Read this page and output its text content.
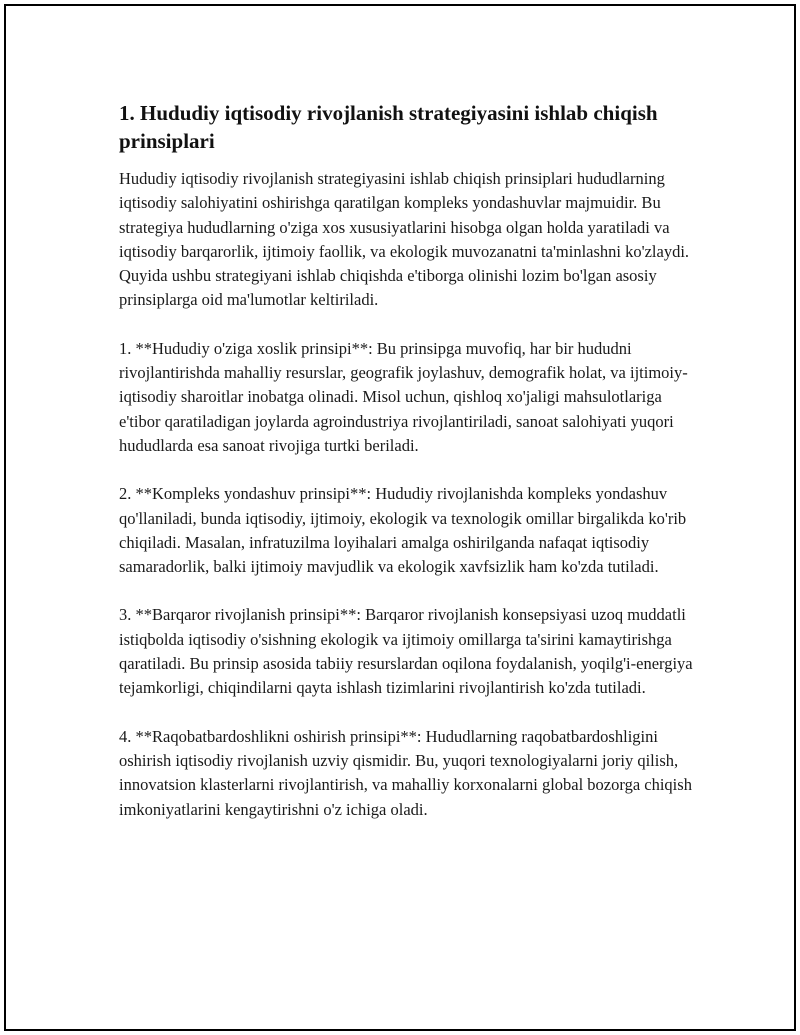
1. Hududiy iqtisodiy rivojlanish strategiyasini ishlab chiqish prinsiplari

Hududiy iqtisodiy rivojlanish strategiyasini ishlab chiqish prinsiplari hududlarning iqtisodiy salohiyatini oshirishga qaratilgan kompleks yondashuvlar majmuidir. Bu strategiya hududlarning o'ziga xos xususiyatlarini hisobga olgan holda yaratiladi va iqtisodiy barqarorlik, ijtimoiy faollik, va ekologik muvozanatni ta'minlashni ko'zlaydi. Quyida ushbu strategiyani ishlab chiqishda e'tiborga olinishi lozim bo'lgan asosiy prinsiplarga oid ma'lumotlar keltiriladi.

1. **Hududiy o'ziga xoslik prinsipi**: Bu prinsipga muvofiq, har bir hududni rivojlantirishda mahalliy resurslar, geografik joylashuv, demografik holat, va ijtimoiy-iqtisodiy sharoitlar inobatga olinadi. Misol uchun, qishloq xo'jaligi mahsulotlariga e'tibor qaratiladigan joylarda agroindustriya rivojlantiriladi, sanoat salohiyati yuqori hududlarda esa sanoat rivojiga turtki beriladi.

2. **Kompleks yondashuv prinsipi**: Hududiy rivojlanishda kompleks yondashuv qo'llaniladi, bunda iqtisodiy, ijtimoiy, ekologik va texnologik omillar birgalikda ko'rib chiqiladi. Masalan, infratuzilma loyihalari amalga oshirilganda nafaqat iqtisodiy samaradorlik, balki ijtimoiy mavjudlik va ekologik xavfsizlik ham ko'zda tutiladi.

3. **Barqaror rivojlanish prinsipi**: Barqaror rivojlanish konsepsiyasi uzoq muddatli istiqbolda iqtisodiy o'sishning ekologik va ijtimoiy omillarga ta'sirini kamaytirishga qaratiladi. Bu prinsip asosida tabiiy resurslardan oqilona foydalanish, yoqilg'i-energiya tejamkorligi, chiqindilarni qayta ishlash tizimlarini rivojlantirish ko'zda tutiladi.

4. **Raqobatbardoshlikni oshirish prinsipi**: Hududlarning raqobatbardoshligini oshirish iqtisodiy rivojlanish uzviy qismidir. Bu, yuqori texnologiyalarni joriy qilish, innovatsion klasterlarni rivojlantirish, va mahalliy korxonalarni global bozorga chiqish imkoniyatlarini kengaytirishni o'z ichiga oladi.
